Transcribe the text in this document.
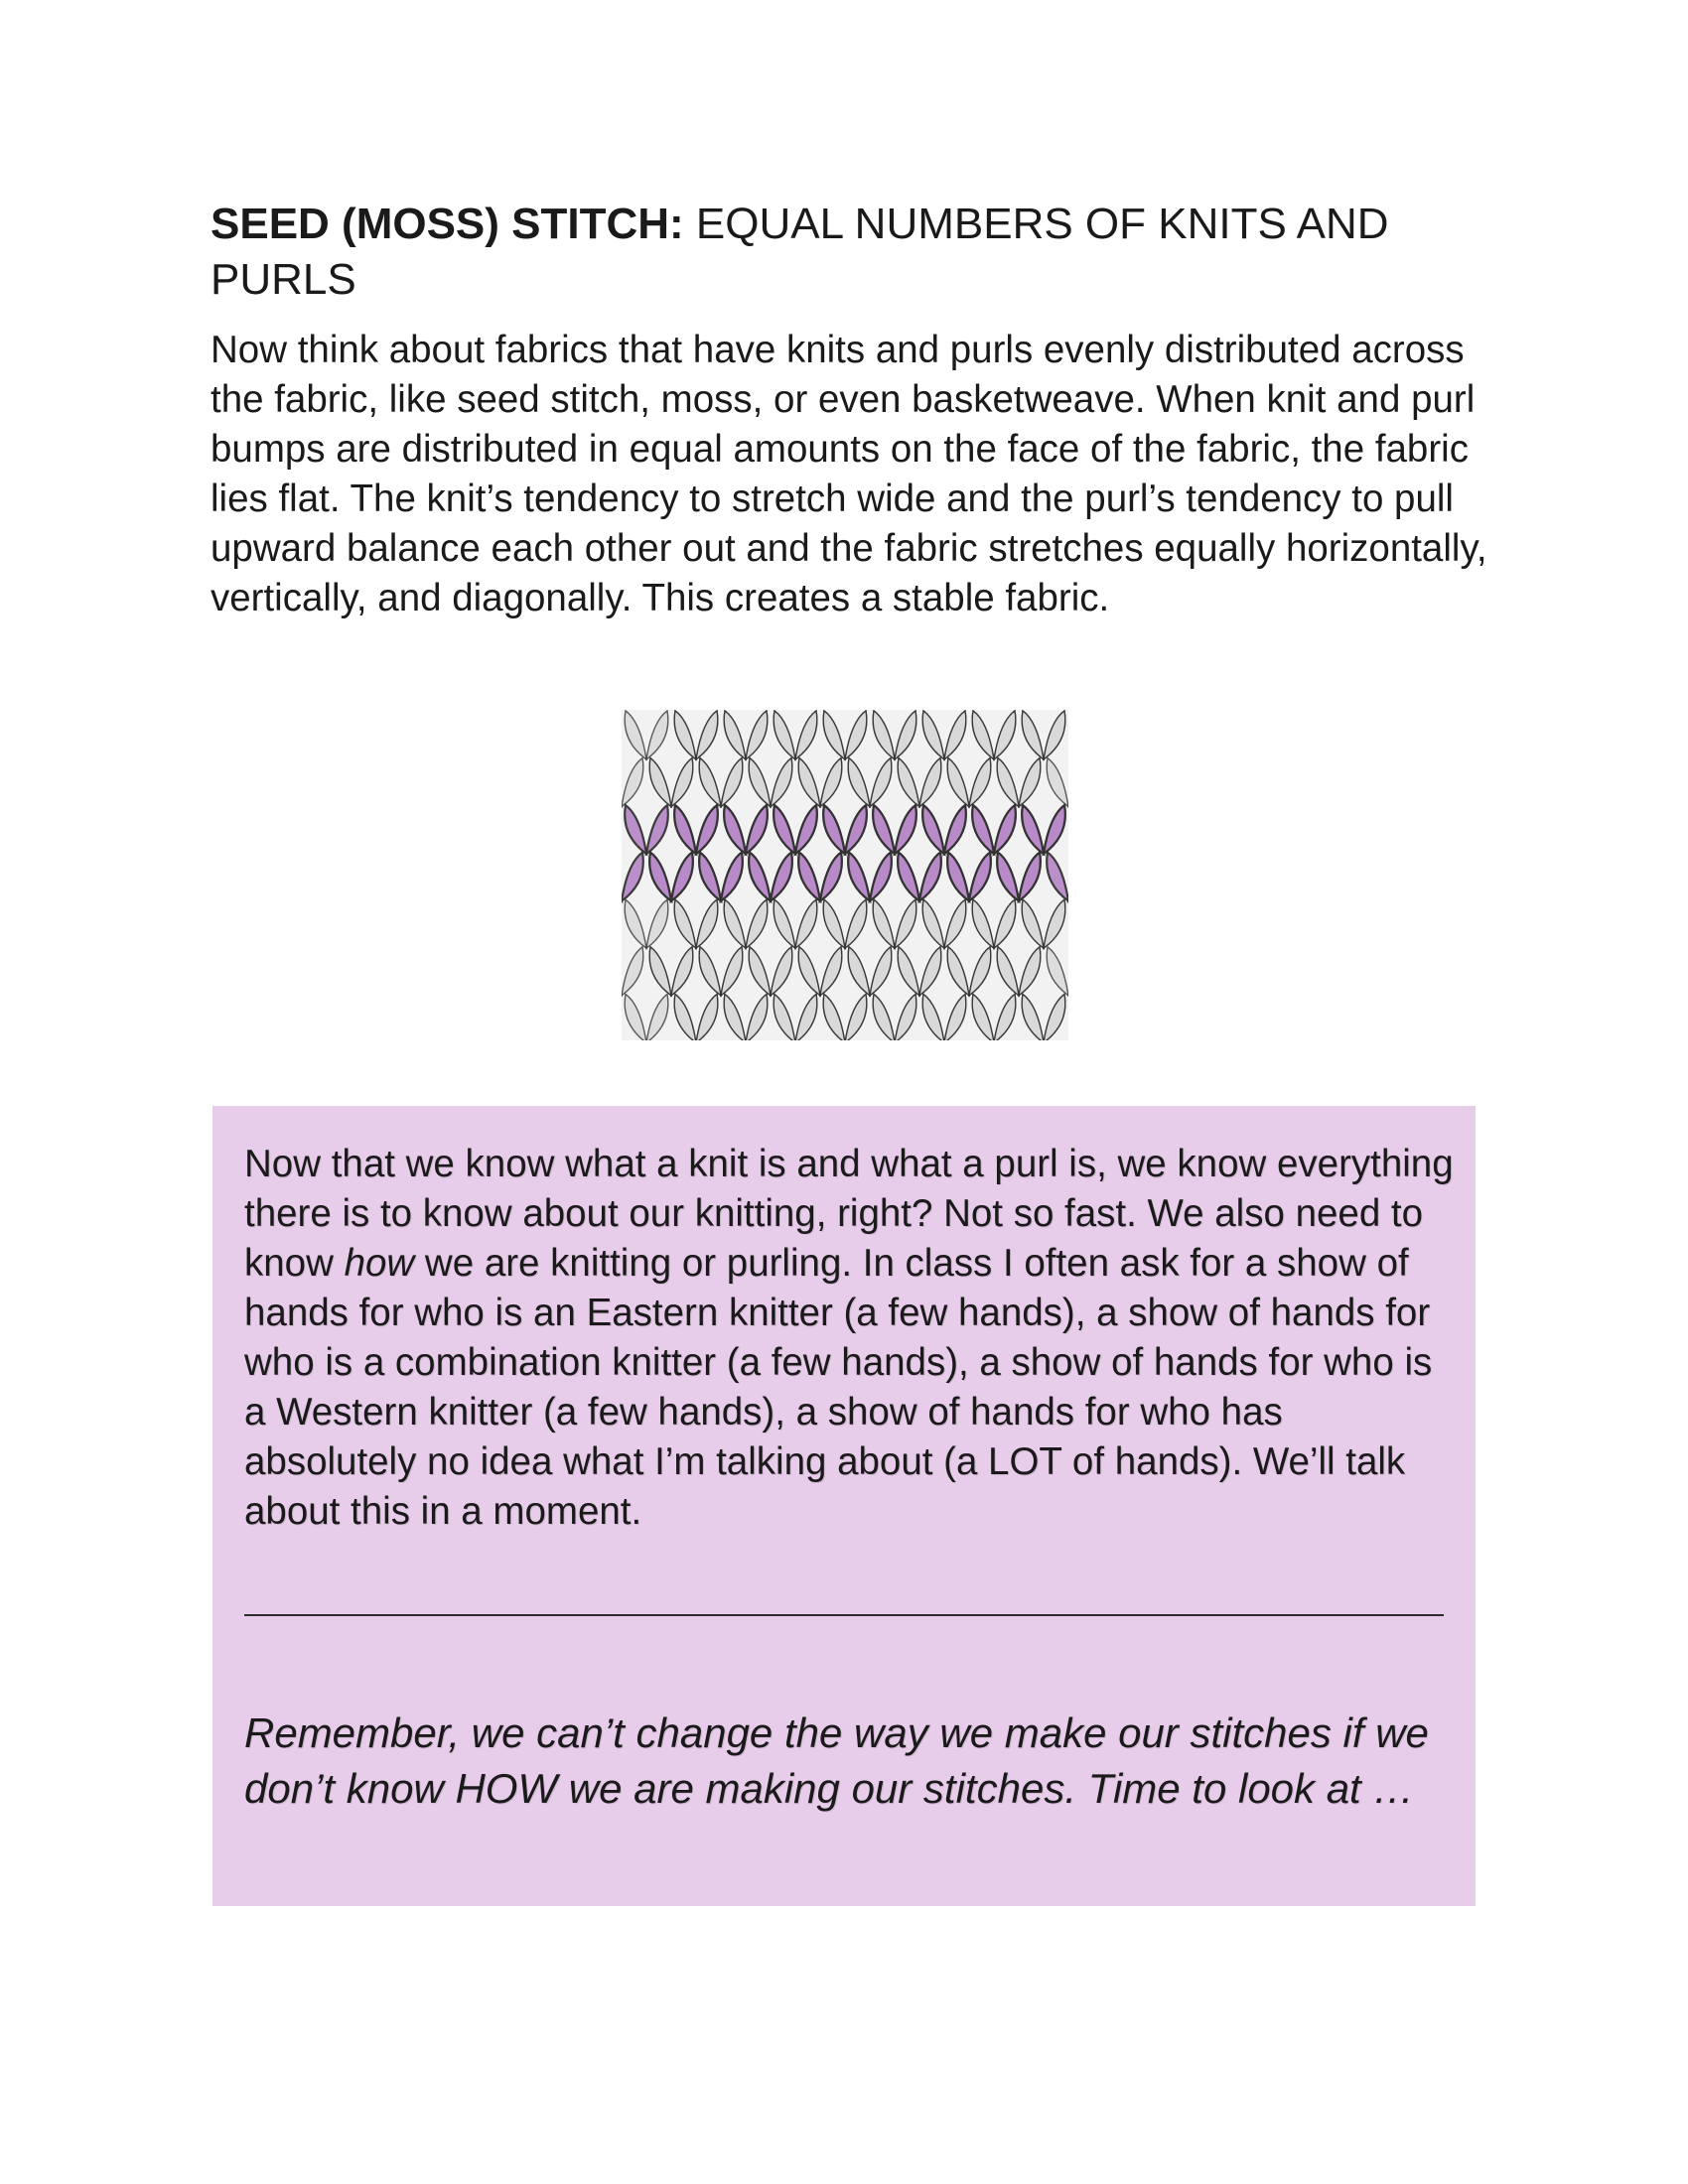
SEED (MOSS) STITCH: EQUAL NUMBERS OF KNITS AND PURLS

Now think about fabrics that have knits and purls evenly distributed across the fabric, like seed stitch, moss, or even basketweave. When knit and purl bumps are distributed in equal amounts on the face of the fabric, the fabric lies flat. The knit’s tendency to stretch wide and the purl’s tendency to pull upward balance each other out and the fabric stretches equally horizontally, vertically, and diagonally. This creates a stable fabric.

Now that we know what a knit is and what a purl is, we know everything there is to know about our knitting, right? Not so fast. We also need to know how we are knitting or purling. In class I often ask for a show of hands for who is an Eastern knitter (a few hands), a show of hands for who is a combination knitter (a few hands), a show of hands for who is a Western knitter (a few hands), a show of hands for who has absolutely no idea what I’m talking about (a LOT of hands). We’ll talk about this in a moment.

Remember, we can’t change the way we make our stitches if we don’t know HOW we are making our stitches. Time to look at …
